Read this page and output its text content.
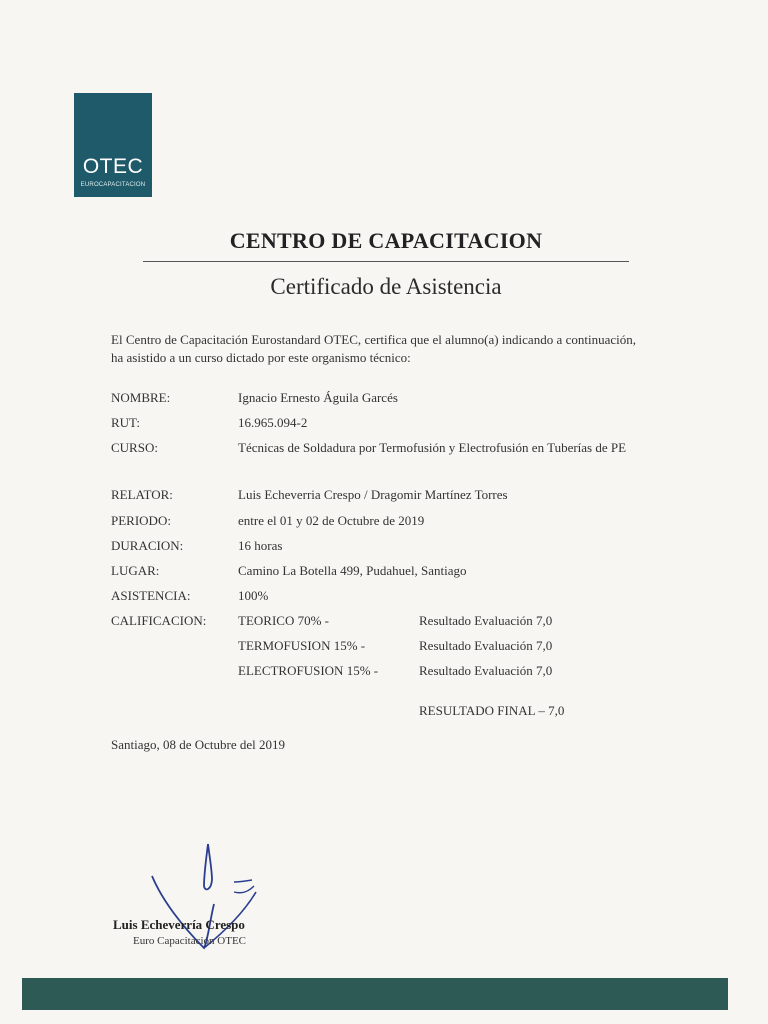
OTEC
EUROCAPACITACION
CENTRO DE CAPACITACION
Certificado de Asistencia
El Centro de Capacitación Eurostandard OTEC, certifica que el alumno(a) indicando a continuación, ha asistido a un curso dictado por este organismo técnico:
NOMBRE:	Ignacio Ernesto Águila Garcés
RUT:	16.965.094-2
CURSO:	Técnicas de Soldadura por Termofusión y Electrofusión en Tuberías de PE
RELATOR:	Luis Echeverria Crespo / Dragomir Martínez Torres
PERIODO:	entre el 01 y 02 de Octubre de 2019
DURACION:	16 horas
LUGAR:	Camino La Botella 499, Pudahuel, Santiago
ASISTENCIA:	100%
CALIFICACION: TEORICO 70% -	Resultado Evaluación 7,0
TERMOFUSION 15% -	Resultado Evaluación 7,0
ELECTROFUSION 15% -	Resultado Evaluación 7,0
RESULTADO FINAL – 7,0
Santiago, 08 de Octubre del 2019
Luis Echeverría Crespo
Euro Capacitación OTEC
